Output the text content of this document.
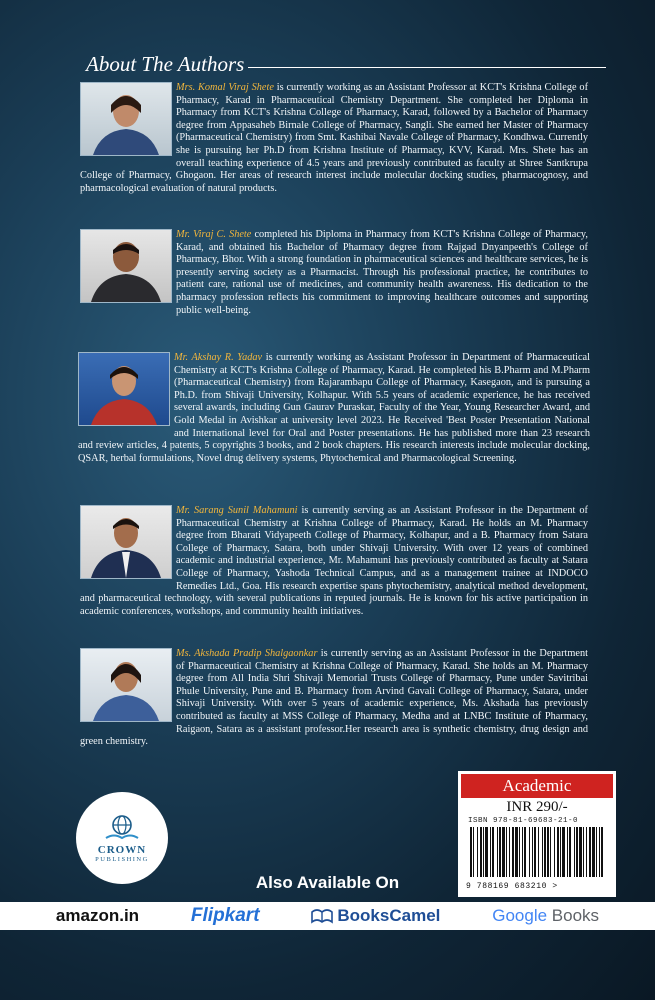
About The Authors

Mrs. Komal Viraj Shete is currently working as an Assistant Professor at KCT's Krishna College of Pharmacy, Karad in Pharmaceutical Chemistry Department. She completed her Diploma in Pharmacy from KCT's Krishna College of Pharmacy, Karad, followed by a Bachelor of Pharmacy degree from Appasaheb Birnale College of Pharmacy, Sangli. She earned her Master of Pharmacy (Pharmaceutical Chemistry) from Smt. Kashibai Navale College of Pharmacy, Kondhwa. Currently she is pursuing her Ph.D from Krishna Institute of Pharmacy, KVV, Karad. Mrs. Shete has an overall teaching experience of 4.5 years and previously contributed as faculty at Shree Santkrupa College of Pharmacy, Ghogaon. Her areas of research interest include molecular docking studies, pharmacognosy, and pharmacological evaluation of natural products.

Mr. Viraj C. Shete completed his Diploma in Pharmacy from KCT's Krishna College of Pharmacy, Karad, and obtained his Bachelor of Pharmacy degree from Rajgad Dnyanpeeth's College of Pharmacy, Bhor. With a strong foundation in pharmaceutical sciences and healthcare services, he is presently serving society as a Pharmacist. Through his professional practice, he contributes to patient care, rational use of medicines, and community health awareness. His dedication to the pharmacy profession reflects his commitment to improving healthcare outcomes and supporting public well-being.

Mr. Akshay R. Yadav is currently working as Assistant Professor in Department of Pharmaceutical Chemistry at KCT's Krishna College of Pharmacy, Karad. He completed his B.Pharm and M.Pharm (Pharmaceutical Chemistry) from Rajarambapu College of Pharmacy, Kasegaon, and is pursuing a Ph.D. from Shivaji University, Kolhapur. With 5.5 years of academic experience, he has received several awards, including Gun Gaurav Puraskar, Faculty of the Year, Young Researcher Award, and Gold Medal in Avishkar at university level 2023. He Received 'Best Poster Presentation National and International level for Oral and Poster presentations. He has published more than 23 research and review articles, 4 patents, 5 copyrights 3 books, and 2 book chapters. His research interests include molecular docking, QSAR, herbal formulations, Novel drug delivery systems, Phytochemical and Pharmacological Screening.

Mr. Sarang Sunil Mahamuni is currently serving as an Assistant Professor in the Department of Pharmaceutical Chemistry at Krishna College of Pharmacy, Karad. He holds an M. Pharmacy degree from Bharati Vidyapeeth College of Pharmacy, Kolhapur, and a B. Pharmacy from Satara College of Pharmacy, Satara, both under Shivaji University. With over 12 years of combined academic and industrial experience, Mr. Mahamuni has previously contributed as faculty at Satara College of Pharmacy, Yashoda Technical Campus, and as a management trainee at INDOCO Remedies Ltd., Goa. His research expertise spans phytochemistry, analytical method development, and pharmaceutical technology, with several publications in reputed journals. He is known for his active participation in academic conferences, workshops, and community health initiatives.

Ms. Akshada Pradip Shalgaonkar is currently serving as an Assistant Professor in the Department of Pharmaceutical Chemistry at Krishna College of Pharmacy, Karad. She holds an M. Pharmacy degree from All India Shri Shivaji Memorial Trusts College of Pharmacy, Pune under Savitribai Phule University, Pune and B. Pharmacy from Arvind Gavali College of Pharmacy, Satara, under Shivaji University. With over 5 years of academic experience, Ms. Akshada has previously contributed as faculty at MSS College of Pharmacy, Medha and at LNBC Institute of Pharmacy, Raigaon, Satara as a assistant professor.Her research area is synthetic chemistry, drug design and green chemistry.

CROWN
PUBLISHING
Academic
INR 290/-
ISBN 978-81-69683-21-0
9 788169 683210 >
Also Available On
amazon.in	Flipkart	BooksCamel	Google Books
